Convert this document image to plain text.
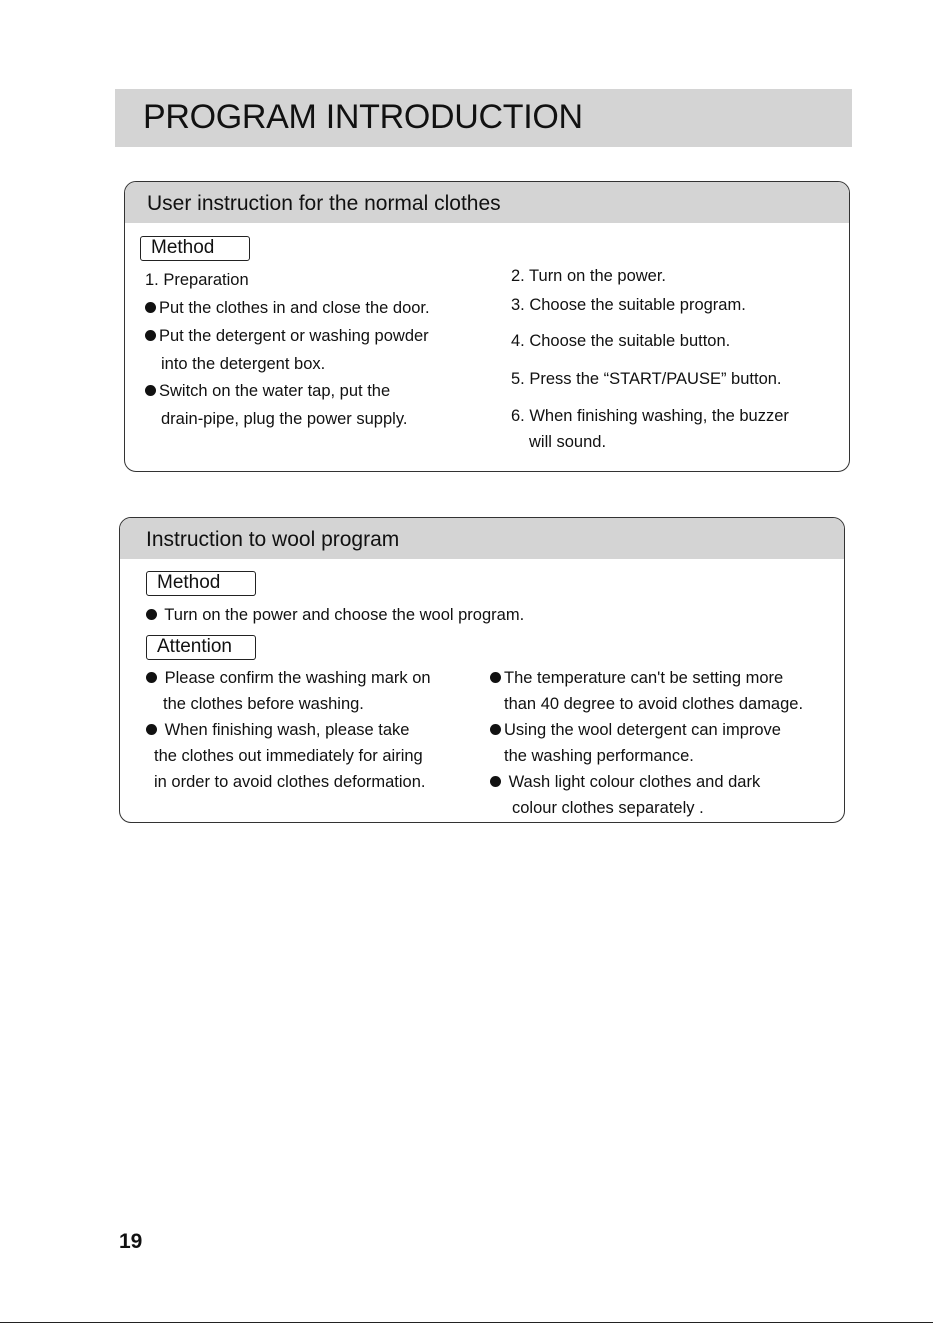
PROGRAM INTRODUCTION
User instruction for the normal clothes
Method
1. Preparation
Put the clothes in and close the door.
Put the detergent or washing powder
into the detergent box.
Switch on the water tap, put the
drain-pipe, plug the power supply.
2. Turn on the power.
3. Choose the suitable program.
4. Choose the suitable button.
5. Press the “START/PAUSE” button.
6. When finishing washing, the buzzer
will sound.
Instruction to wool program
Method
Turn on the power and choose the wool program.
Attention
Please confirm the washing mark on
the clothes before washing.
When finishing wash, please take
the clothes out immediately for airing
in order to avoid clothes deformation.
The temperature can't be setting more
than 40 degree to avoid clothes damage.
Using the wool detergent can improve
the washing performance.
Wash light colour clothes and dark
colour clothes separately .
19
